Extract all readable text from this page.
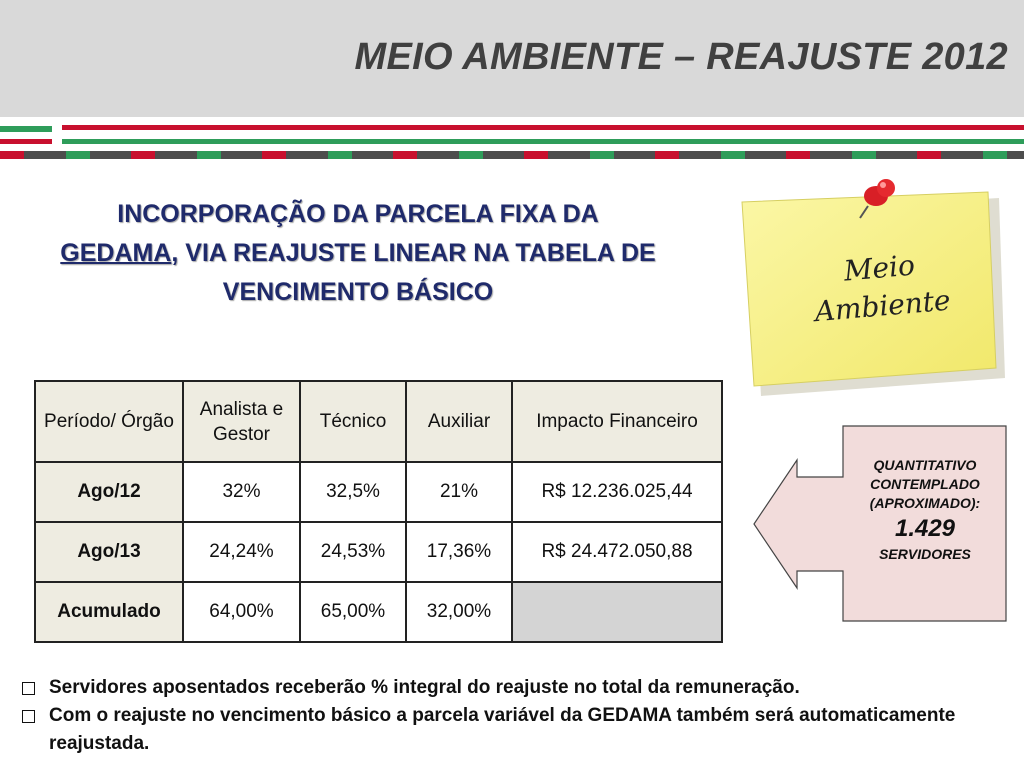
MEIO AMBIENTE – REAJUSTE 2012
INCORPORAÇÃO DA PARCELA FIXA DA
GEDAMA, VIA REAJUSTE LINEAR NA TABELA DE
VENCIMENTO BÁSICO
Meio
Ambiente
Período/ Órgão	Analista e Gestor	Técnico	Auxiliar	Impacto Financeiro
Ago/12	32%	32,5%	21%	R$ 12.236.025,44
Ago/13	24,24%	24,53%	17,36%	R$ 24.472.050,88
Acumulado	64,00%	65,00%	32,00%	
QUANTITATIVO
CONTEMPLADO
(APROXIMADO):
1.429
SERVIDORES
Servidores aposentados receberão % integral do reajuste no total da remuneração.
Com o reajuste no vencimento básico a parcela variável da GEDAMA também será automaticamente reajustada.
